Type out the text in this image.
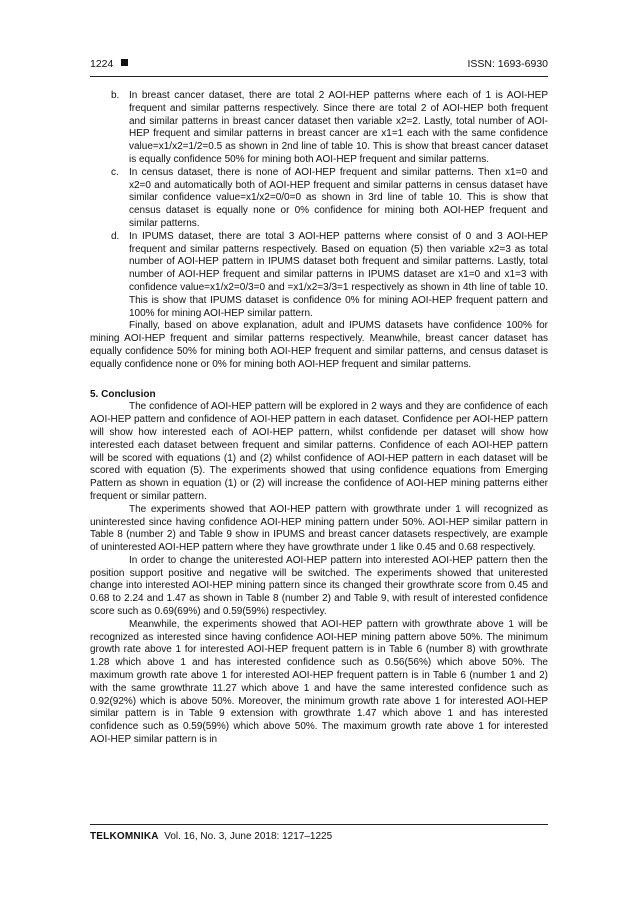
1224	ISSN: 1693-6930
b. In breast cancer dataset, there are total 2 AOI-HEP patterns where each of 1 is AOI-HEP frequent and similar patterns respectively. Since there are total 2 of AOI-HEP both frequent and similar patterns in breast cancer dataset then variable x2=2. Lastly, total number of AOI-HEP frequent and similar patterns in breast cancer are x1=1 each with the same confidence value=x1/x2=1/2=0.5 as shown in 2nd line of table 10. This is show that breast cancer dataset is equally confidence 50% for mining both AOI-HEP frequent and similar patterns.
c. In census dataset, there is none of AOI-HEP frequent and similar patterns. Then x1=0 and x2=0 and automatically both of AOI-HEP frequent and similar patterns in census dataset have similar confidence value=x1/x2=0/0=0 as shown in 3rd line of table 10. This is show that census dataset is equally none or 0% confidence for mining both AOI-HEP frequent and similar patterns.
d. In IPUMS dataset, there are total 3 AOI-HEP patterns where consist of 0 and 3 AOI-HEP frequent and similar patterns respectively. Based on equation (5) then variable x2=3 as total number of AOI-HEP pattern in IPUMS dataset both frequent and similar patterns. Lastly, total number of AOI-HEP frequent and similar patterns in IPUMS dataset are x1=0 and x1=3 with confidence value=x1/x2=0/3=0 and =x1/x2=3/3=1 respectively as shown in 4th line of table 10. This is show that IPUMS dataset is confidence 0% for mining AOI-HEP frequent pattern and 100% for mining AOI-HEP similar pattern.

Finally, based on above explanation, adult and IPUMS datasets have confidence 100% for mining AOI-HEP frequent and similar patterns respectively. Meanwhile, breast cancer dataset has equally confidence 50% for mining both AOI-HEP frequent and similar patterns, and census dataset is equally confidence none or 0% for mining both AOI-HEP frequent and similar patterns.

5. Conclusion

The confidence of AOI-HEP pattern will be explored in 2 ways and they are confidence of each AOI-HEP pattern and confidence of AOI-HEP pattern in each dataset. Confidence per AOI-HEP pattern will show how interested each of AOI-HEP pattern, whilst confidende per dataset will show how interested each dataset between frequent and similar patterns. Confidence of each AOI-HEP pattern will be scored with equations (1) and (2) whilst confidence of AOI-HEP pattern in each dataset will be scored with equation (5). The experiments showed that using confidence equations from Emerging Pattern as shown in equation (1) or (2) will increase the confidence of AOI-HEP mining patterns either frequent or similar pattern.

The experiments showed that AOI-HEP pattern with growthrate under 1 will recognized as uninterested since having confidence AOI-HEP mining pattern under 50%. AOI-HEP similar pattern in Table 8 (number 2) and Table 9 show in IPUMS and breast cancer datasets respectively, are example of uninterested AOI-HEP pattern where they have growthrate under 1 like 0.45 and 0.68 respectively.

In order to change the uniterested AOI-HEP pattern into interested AOI-HEP pattern then the position support positive and negative will be switched. The experiments showed that uniterested change into interested AOI-HEP mining pattern since its changed their growthrate score from 0.45 and 0.68 to 2.24 and 1.47 as shown in Table 8 (number 2) and Table 9, with result of interested confidence score such as 0.69(69%) and 0.59(59%) respectivley.

Meanwhile, the experiments showed that AOI-HEP pattern with growthrate above 1 will be recognized as interested since having confidence AOI-HEP mining pattern above 50%. The minimum growth rate above 1 for interested AOI-HEP frequent pattern is in Table 6 (number 8) with growthrate 1.28 which above 1 and has interested confidence such as 0.56(56%) which above 50%. The maximum growth rate above 1 for interested AOI-HEP frequent pattern is in Table 6 (number 1 and 2) with the same growthrate 11.27 which above 1 and have the same interested confidence such as 0.92(92%) which is above 50%. Moreover, the minimum growth rate above 1 for interested AOI-HEP similar pattern is in Table 9 extension with growthrate 1.47 which above 1 and has interested confidence such as 0.59(59%) which above 50%. The maximum growth rate above 1 for interested AOI-HEP similar pattern is in

TELKOMNIKA Vol. 16, No. 3, June 2018: 1217–1225
